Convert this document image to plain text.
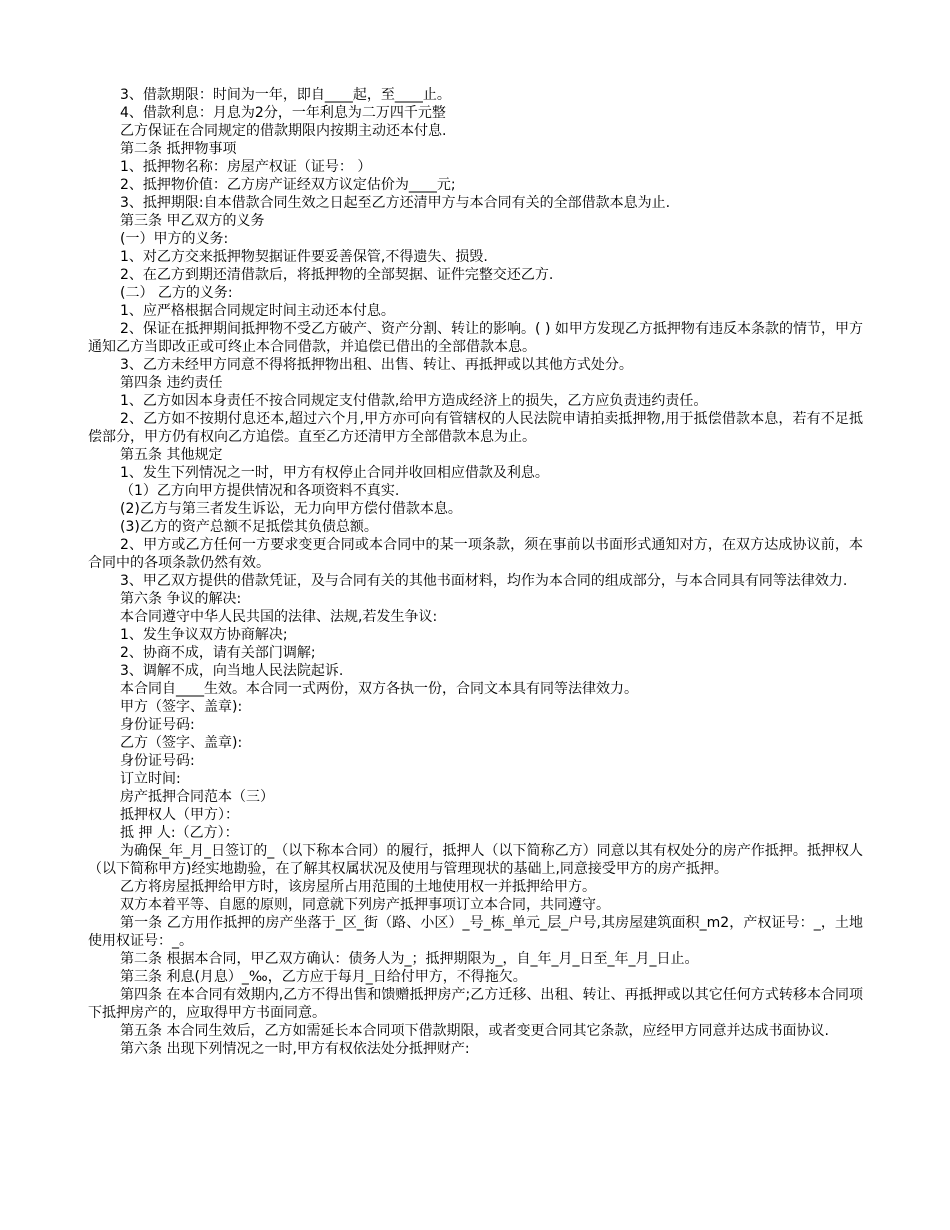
3、借款期限：时间为一年，即自____起，至____止。

4、借款利息：月息为2分，一年利息为二万四千元整

乙方保证在合同规定的借款期限内按期主动还本付息.

第二条 抵押物事项

1、抵押物名称：房屋产权证（证号： ）

2、抵押物价值：乙方房产证经双方议定估价为____元;

3、抵押期限:自本借款合同生效之日起至乙方还清甲方与本合同有关的全部借款本息为止.

第三条 甲乙双方的义务

(一）甲方的义务:

1、对乙方交来抵押物契据证件要妥善保管,不得遗失、损毁.

2、在乙方到期还清借款后，将抵押物的全部契据、证件完整交还乙方.

(二） 乙方的义务:

1、应严格根据合同规定时间主动还本付息。

2、保证在抵押期间抵押物不受乙方破产、资产分割、转让的影响。( ) 如甲方发现乙方抵押物有违反本条款的情节，甲方通知乙方当即改正或可终止本合同借款，并追偿已借出的全部借款本息。

3、乙方未经甲方同意不得将抵押物出租、出售、转让、再抵押或以其他方式处分。

第四条 违约责任

1、乙方如因本身责任不按合同规定支付借款,给甲方造成经济上的损失，乙方应负责违约责任。

2、乙方如不按期付息还本,超过六个月,甲方亦可向有管辖权的人民法院申请拍卖抵押物,用于抵偿借款本息，若有不足抵偿部分，甲方仍有权向乙方追偿。直至乙方还清甲方全部借款本息为止。

第五条 其他规定

1、发生下列情况之一时，甲方有权停止合同并收回相应借款及利息。

（1）乙方向甲方提供情况和各项资料不真实.

(2)乙方与第三者发生诉讼，无力向甲方偿付借款本息。

(3)乙方的资产总额不足抵偿其负债总额。

2、甲方或乙方任何一方要求变更合同或本合同中的某一项条款，须在事前以书面形式通知对方，在双方达成协议前，本合同中的各项条款仍然有效。

3、甲乙双方提供的借款凭证，及与合同有关的其他书面材料，均作为本合同的组成部分，与本合同具有同等法律效力.

第六条 争议的解决:

本合同遵守中华人民共国的法律、法规,若发生争议:

1、发生争议双方协商解决;

2、协商不成，请有关部门调解;

3、调解不成，向当地人民法院起诉.

本合同自____生效。本合同一式两份，双方各执一份，合同文本具有同等法律效力。

甲方（签字、盖章):

身份证号码:

乙方（签字、盖章):

身份证号码:

订立时间:

房产抵押合同范本（三）

抵押权人（甲方）：

抵 押 人:（乙方）：

为确保_年_月_日签订的_（以下称本合同）的履行，抵押人（以下简称乙方）同意以其有权处分的房产作抵押。抵押权人（以下简称甲方)经实地勘验，在了解其权属状况及使用与管理现状的基础上,同意接受甲方的房产抵押。

乙方将房屋抵押给甲方时，该房屋所占用范围的土地使用权一并抵押给甲方。

双方本着平等、自愿的原则，同意就下列房产抵押事项订立本合同，共同遵守。

第一条 乙方用作抵押的房产坐落于_区_街（路、小区）_号_栋_单元_层_户号,其房屋建筑面积_m2，产权证号：_，土地使用权证号：_。

第二条 根据本合同，甲乙双方确认：债务人为_；抵押期限为_，自_年_月_日至_年_月_日止。

第三条 利息(月息）_‰，乙方应于每月_日给付甲方，不得拖欠。

第四条 在本合同有效期内,乙方不得出售和馈赠抵押房产;乙方迁移、出租、转让、再抵押或以其它任何方式转移本合同项下抵押房产的，应取得甲方书面同意。

第五条 本合同生效后，乙方如需延长本合同项下借款期限，或者变更合同其它条款，应经甲方同意并达成书面协议.

第六条 出现下列情况之一时,甲方有权依法处分抵押财产:
